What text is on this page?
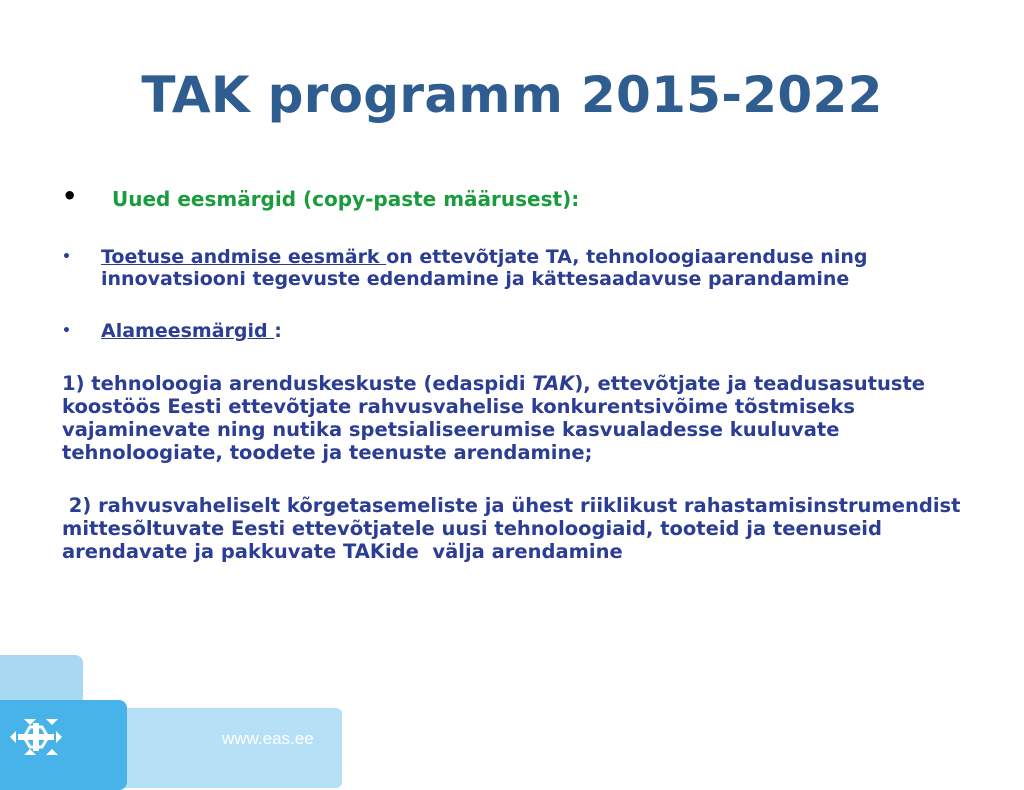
TAK programm 2015-2022
• Uued eesmärgid (copy-paste määrusest):
• Toetuse andmise eesmärk on ettevõtjate TA, tehnoloogiaarenduse ning innovatsiooni tegevuste edendamine ja kättesaadavuse parandamine
• Alameesmärgid :
1) tehnoloogia arenduskeskuste (edaspidi TAK), ettevõtjate ja teadusasutuste koostöös Eesti ettevõtjate rahvusvahelise konkurentsivõime tõstmiseks vajaminevate ning nutika spetsialiseerumise kasvualadesse kuuluvate tehnoloogiate, toodete ja teenuste arendamine;
2) rahvusvaheliselt kõrgetasemeliste ja ühest riiklikust rahastamisinstrumendist mittesõltuvate Eesti ettevõtjatele uusi tehnoloogiaid, tooteid ja teenuseid arendavate ja pakkuvate TAKide  välja arendamine
www.eas.ee
